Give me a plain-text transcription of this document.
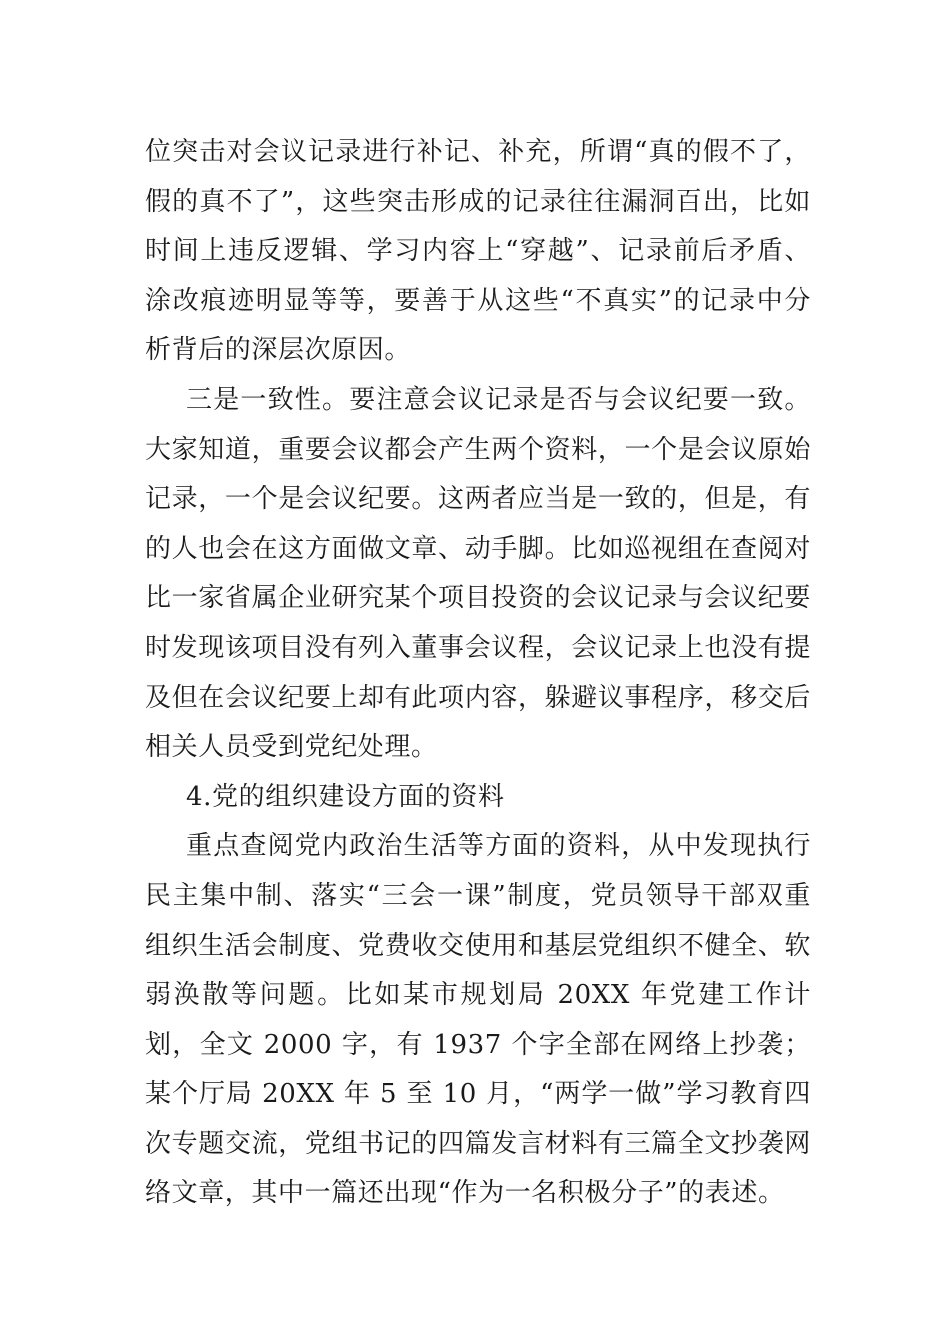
位突击对会议记录进行补记、补充，所谓“真的假不了，假的真不了”，这些突击形成的记录往往漏洞百出，比如时间上违反逻辑、学习内容上“穿越”、记录前后矛盾、涂改痕迹明显等等，要善于从这些“不真实”的记录中分析背后的深层次原因。

三是一致性。要注意会议记录是否与会议纪要一致。大家知道，重要会议都会产生两个资料，一个是会议原始记录，一个是会议纪要。这两者应当是一致的，但是，有的人也会在这方面做文章、动手脚。比如巡视组在查阅对比一家省属企业研究某个项目投资的会议记录与会议纪要时发现该项目没有列入董事会议程，会议记录上也没有提及但在会议纪要上却有此项内容，躲避议事程序，移交后相关人员受到党纪处理。

4.党的组织建设方面的资料

重点查阅党内政治生活等方面的资料，从中发现执行民主集中制、落实“三会一课”制度，党员领导干部双重组织生活会制度、党费收交使用和基层党组织不健全、软弱涣散等问题。比如某市规划局 20XX 年党建工作计划，全文 2000 字，有 1937 个字全部在网络上抄袭；某个厅局 20XX 年 5 至 10 月，“两学一做”学习教育四次专题交流，党组书记的四篇发言材料有三篇全文抄袭网络文章，其中一篇还出现“作为一名积极分子”的表述。
